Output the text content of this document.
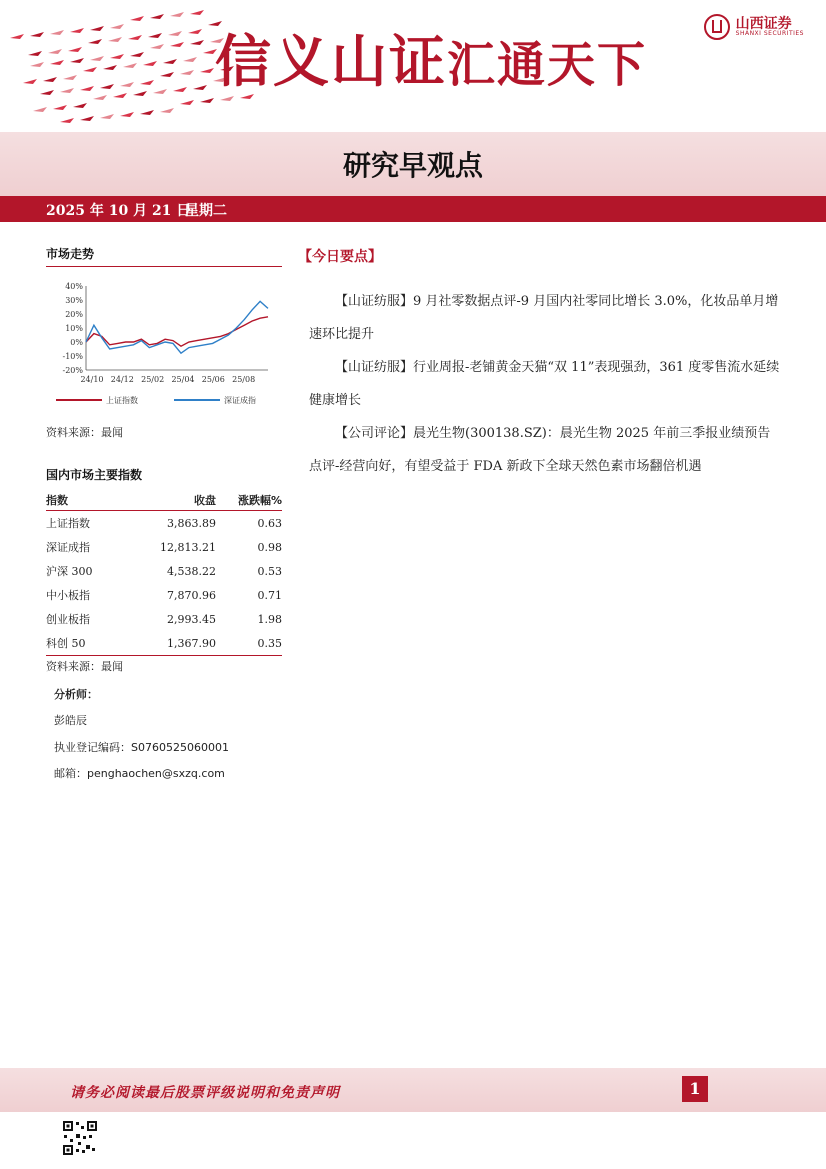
信义山证汇通天下
山西证券
SHANXI SECURITIES
研究早观点
2025 年 10 月 21 日
星期二
市场走势
40%
30%
20%
10%
0%
-10%
-20%
24/10 24/12 25/02 25/04 25/06 25/08
上证指数	深证成指
资料来源：最闻
国内市场主要指数
指数	收盘	涨跌幅%
上证指数	3,863.89	0.63
深证成指	12,813.21	0.98
沪深 300	4,538.22	0.53
中小板指	7,870.96	0.71
创业板指	2,993.45	1.98
科创 50	1,367.90	0.35
资料来源：最闻
分析师：
彭皓辰
执业登记编码：S0760525060001
邮箱：penghaochen@sxzq.com
【今日要点】
【山证纺服】9 月社零数据点评-9 月国内社零同比增长 3.0%，化妆品单月增速环比提升
【山证纺服】行业周报-老铺黄金天猫“双 11”表现强劲，361 度零售流水延续健康增长
【公司评论】晨光生物(300138.SZ)：晨光生物 2025 年前三季报业绩预告点评-经营向好，有望受益于 FDA 新政下全球天然色素市场翻倍机遇
请务必阅读最后股票评级说明和免责声明	1
